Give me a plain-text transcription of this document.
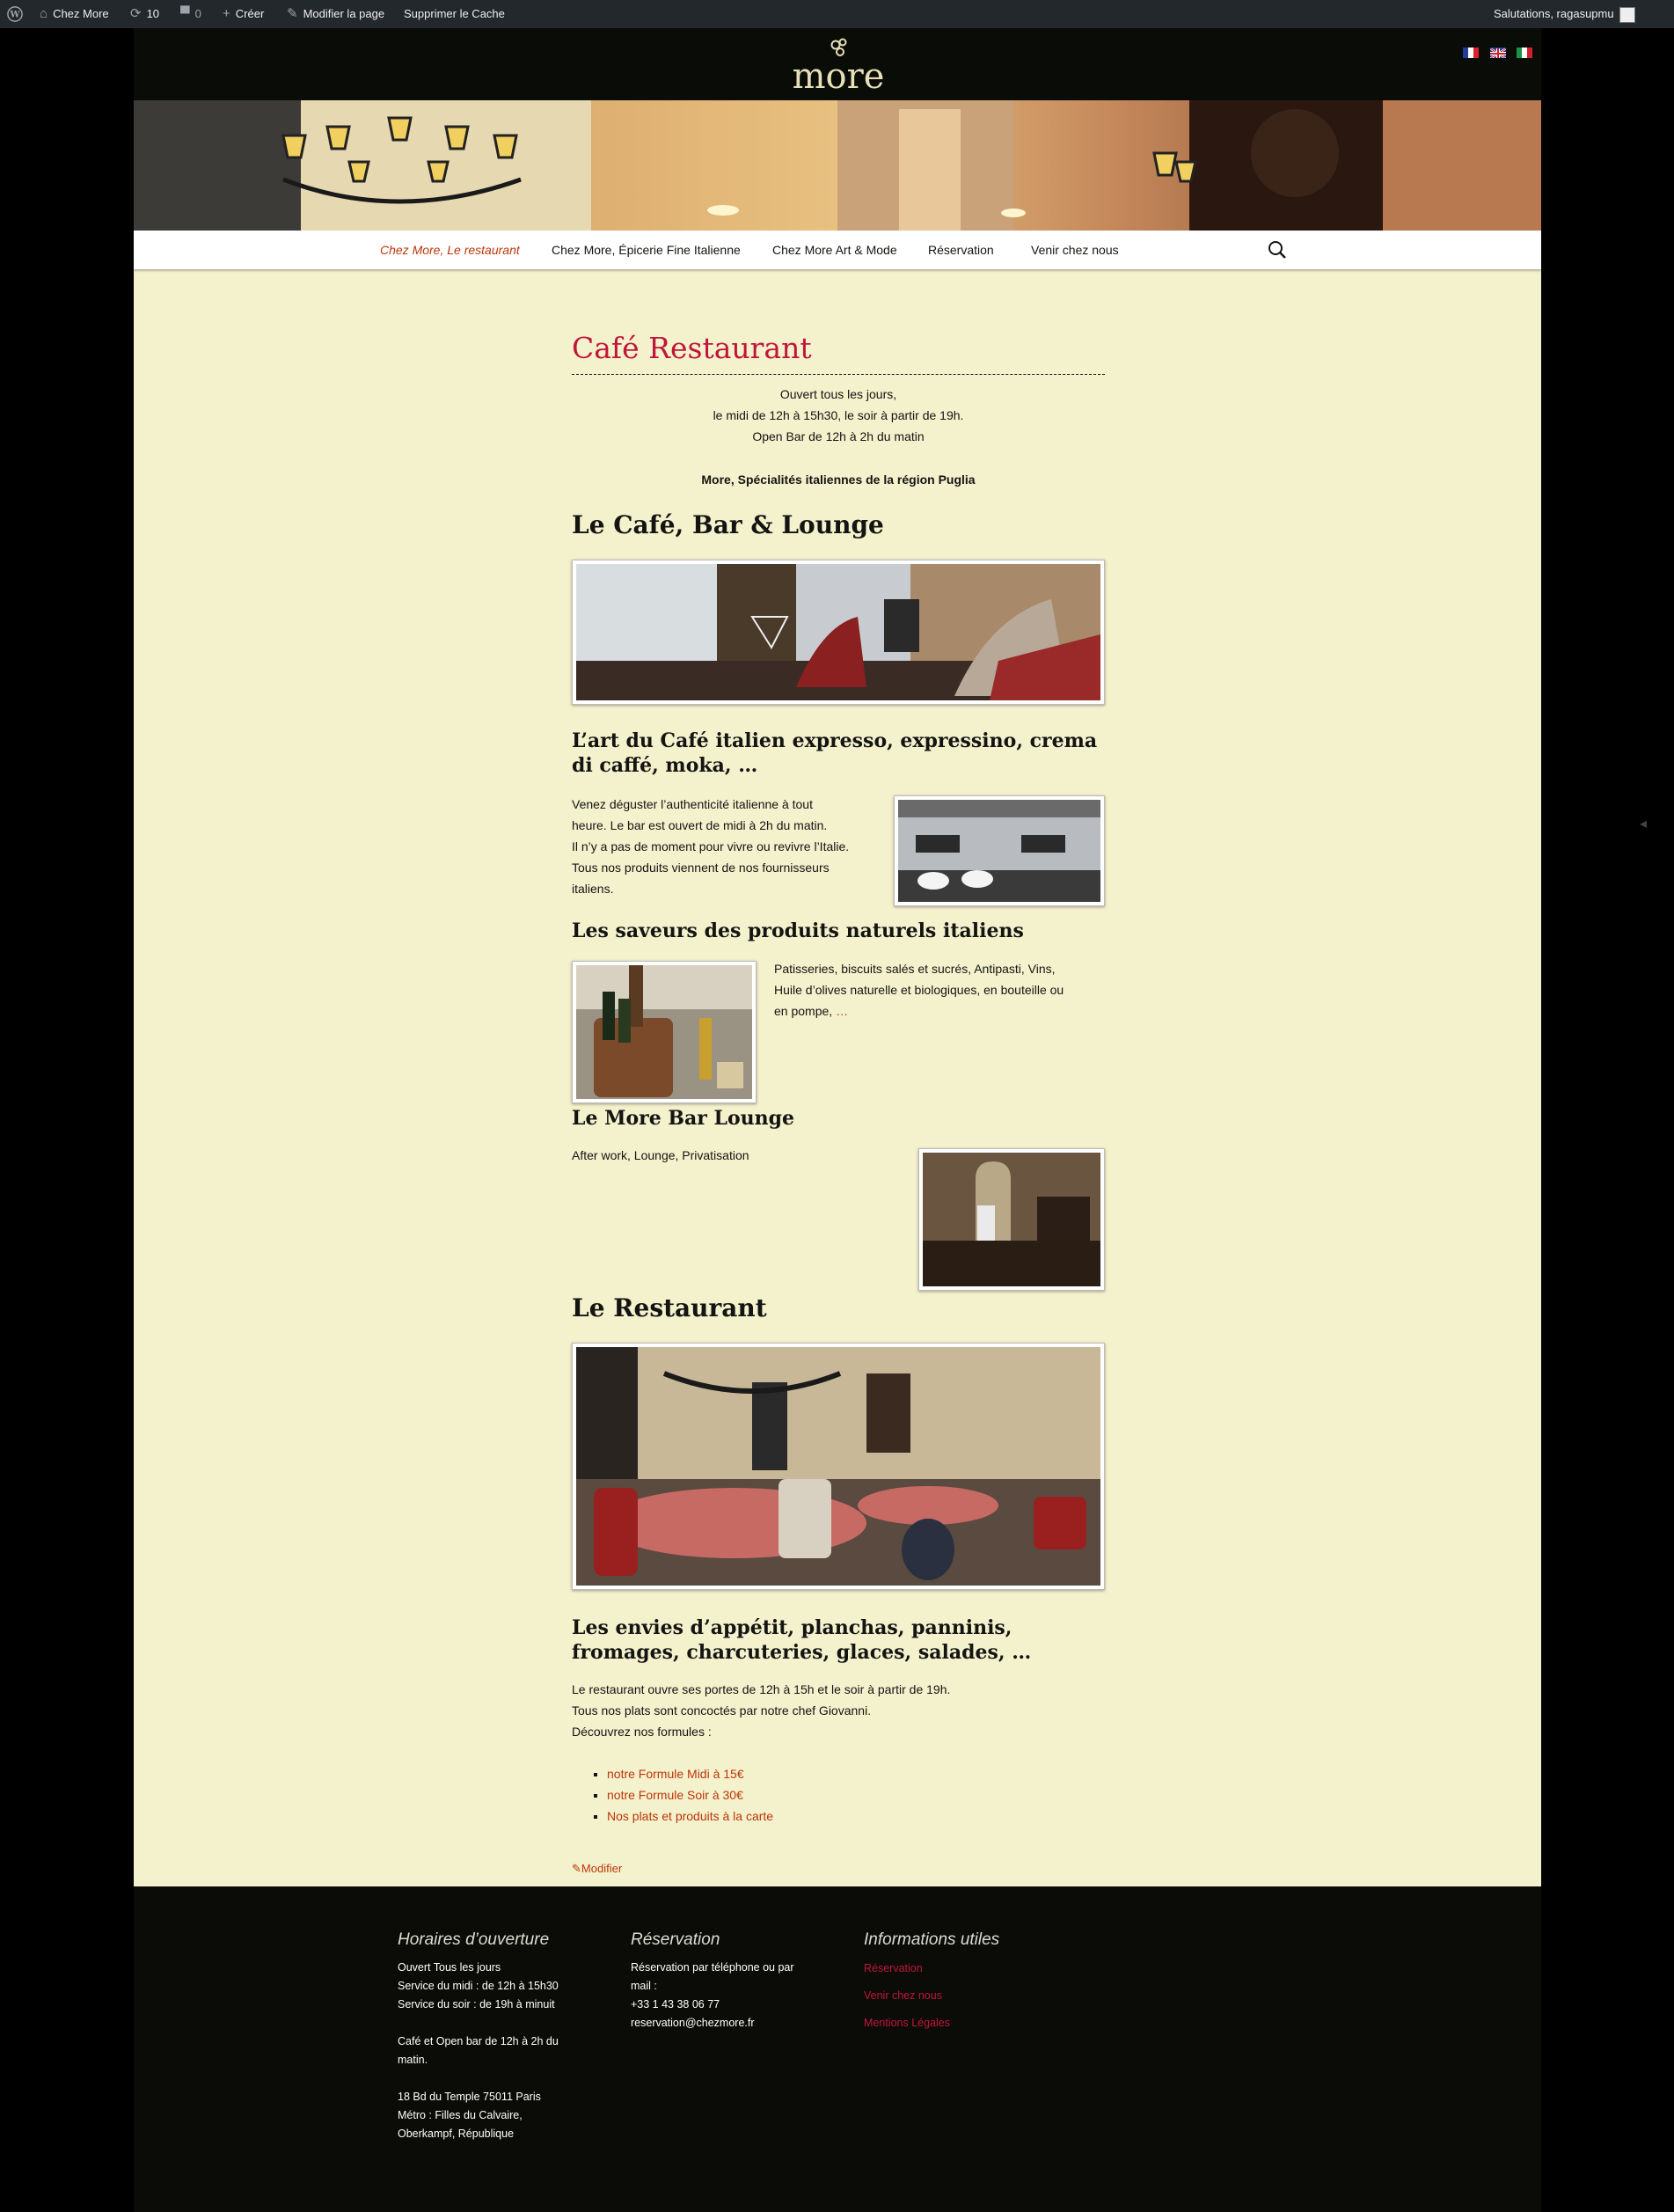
W ⌂ Chez More ⟳ 10 ▀ 0 + Créer ✎ Modifier la page Supprimer le Cache	Salutations, ragasupmu
more

Chez More, Le restaurant	Chez More, Épicerie Fine Italienne	Chez More Art & Mode	Réservation	Venir chez nous
Café Restaurant
Ouvert tous les jours,
le midi de 12h à 15h30, le soir à partir de 19h.
Open Bar de 12h à 2h du matin
More, Spécialités italiennes de la région Puglia
Le Café, Bar & Lounge
L’art du Café italien expresso, expressino, crema di caffé, moka, …
Venez déguster l’authenticité italienne à tout
heure. Le bar est ouvert de midi à 2h du matin.
Il n’y a pas de moment pour vivre ou revivre l’Italie.
Tous nos produits viennent de nos fournisseurs
italiens.
Les saveurs des produits naturels italiens
Patisseries, biscuits salés et sucrés, Antipasti, Vins,
Huile d’olives naturelle et biologiques, en bouteille ou
en pompe, …
Le More Bar Lounge
After work, Lounge, Privatisation
Le Restaurant
Les envies d’appétit, planchas, panninis, fromages, charcuteries, glaces, salades, …
Le restaurant ouvre ses portes de 12h à 15h et le soir à partir de 19h.
Tous nos plats sont concoctés par notre chef Giovanni.
Découvrez nos formules :
▪ notre Formule Midi à 15€
▪ notre Formule Soir à 30€
▪ Nos plats et produits à la carte
✎Modifier
Horaires d’ouverture
Ouvert Tous les jours
Service du midi : de 12h à 15h30
Service du soir : de 19h à minuit
Café et Open bar de 12h à 2h du
matin.
18 Bd du Temple 75011 Paris
Métro : Filles du Calvaire,
Oberkampf, République
Réservation
Réservation par téléphone ou par
mail :
+33 1 43 38 06 77
reservation@chezmore.fr
Informations utiles
Réservation
Venir chez nous
Mentions Légales
◂
